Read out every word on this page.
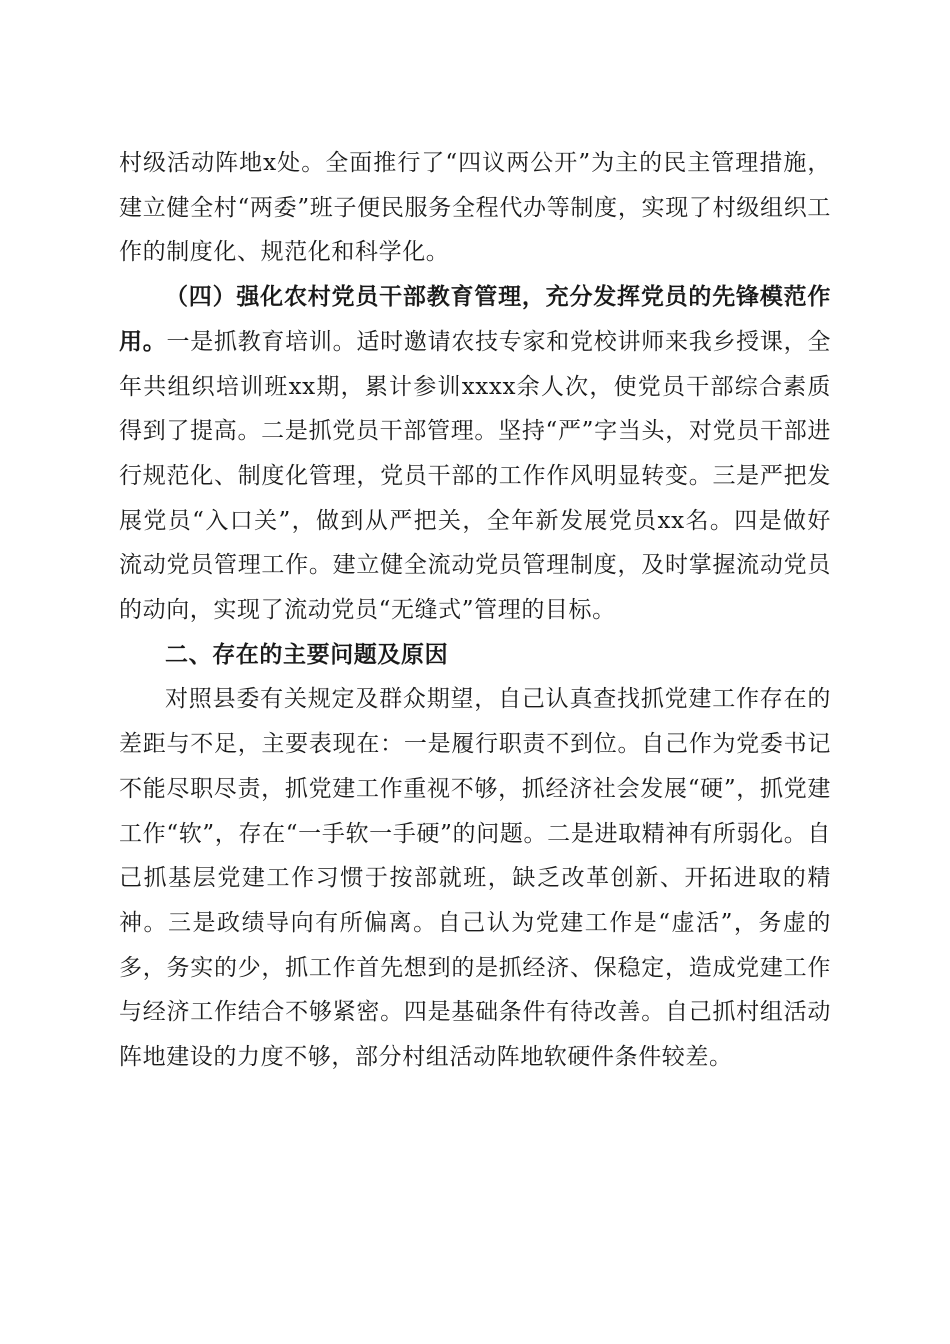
村级活动阵地x处。全面推行了“四议两公开”为主的民主管理措施，建立健全村“两委”班子便民服务全程代办等制度，实现了村级组织工作的制度化、规范化和科学化。

（四）强化农村党员干部教育管理，充分发挥党员的先锋模范作用。一是抓教育培训。适时邀请农技专家和党校讲师来我乡授课，全年共组织培训班xx期，累计参训xxxx余人次，使党员干部综合素质得到了提高。二是抓党员干部管理。坚持“严”字当头，对党员干部进行规范化、制度化管理，党员干部的工作作风明显转变。三是严把发展党员“入口关”，做到从严把关，全年新发展党员xx名。四是做好流动党员管理工作。建立健全流动党员管理制度，及时掌握流动党员的动向，实现了流动党员“无缝式”管理的目标。

二、存在的主要问题及原因

对照县委有关规定及群众期望，自己认真查找抓党建工作存在的差距与不足，主要表现在：一是履行职责不到位。自己作为党委书记不能尽职尽责，抓党建工作重视不够，抓经济社会发展“硬”，抓党建工作“软”，存在“一手软一手硬”的问题。二是进取精神有所弱化。自己抓基层党建工作习惯于按部就班，缺乏改革创新、开拓进取的精神。三是政绩导向有所偏离。自己认为党建工作是“虚活”，务虚的多，务实的少，抓工作首先想到的是抓经济、保稳定，造成党建工作与经济工作结合不够紧密。四是基础条件有待改善。自己抓村组活动阵地建设的力度不够，部分村组活动阵地软硬件条件较差。
